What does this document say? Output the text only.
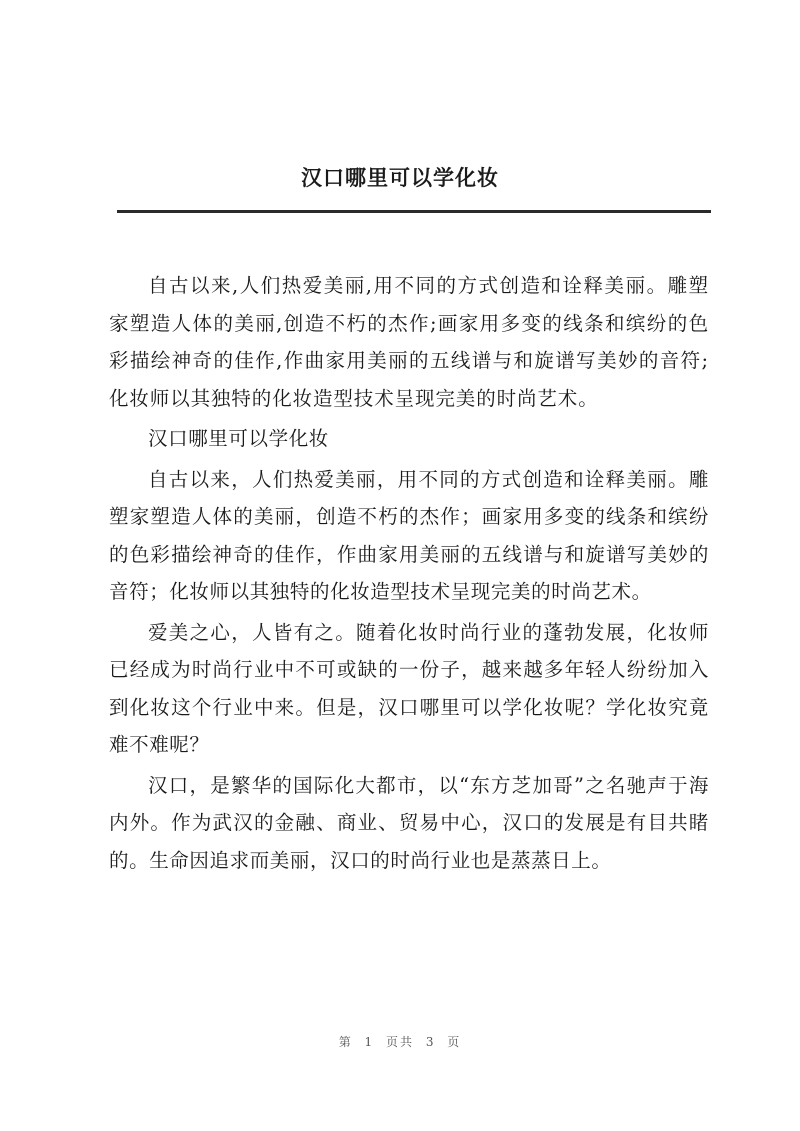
汉口哪里可以学化妆

自古以来,人们热爱美丽,用不同的方式创造和诠释美丽。雕塑家塑造人体的美丽,创造不朽的杰作;画家用多变的线条和缤纷的色彩描绘神奇的佳作,作曲家用美丽的五线谱与和旋谱写美妙的音符;化妆师以其独特的化妆造型技术呈现完美的时尚艺术。

汉口哪里可以学化妆

自古以来，人们热爱美丽，用不同的方式创造和诠释美丽。雕塑家塑造人体的美丽，创造不朽的杰作；画家用多变的线条和缤纷的色彩描绘神奇的佳作，作曲家用美丽的五线谱与和旋谱写美妙的音符；化妆师以其独特的化妆造型技术呈现完美的时尚艺术。

爱美之心，人皆有之。随着化妆时尚行业的蓬勃发展，化妆师已经成为时尚行业中不可或缺的一份子，越来越多年轻人纷纷加入到化妆这个行业中来。但是，汉口哪里可以学化妆呢？学化妆究竟难不难呢？

汉口，是繁华的国际化大都市，以“东方芝加哥”之名驰声于海内外。作为武汉的金融、商业、贸易中心，汉口的发展是有目共睹的。生命因追求而美丽，汉口的时尚行业也是蒸蒸日上。

第 1 页共 3 页
